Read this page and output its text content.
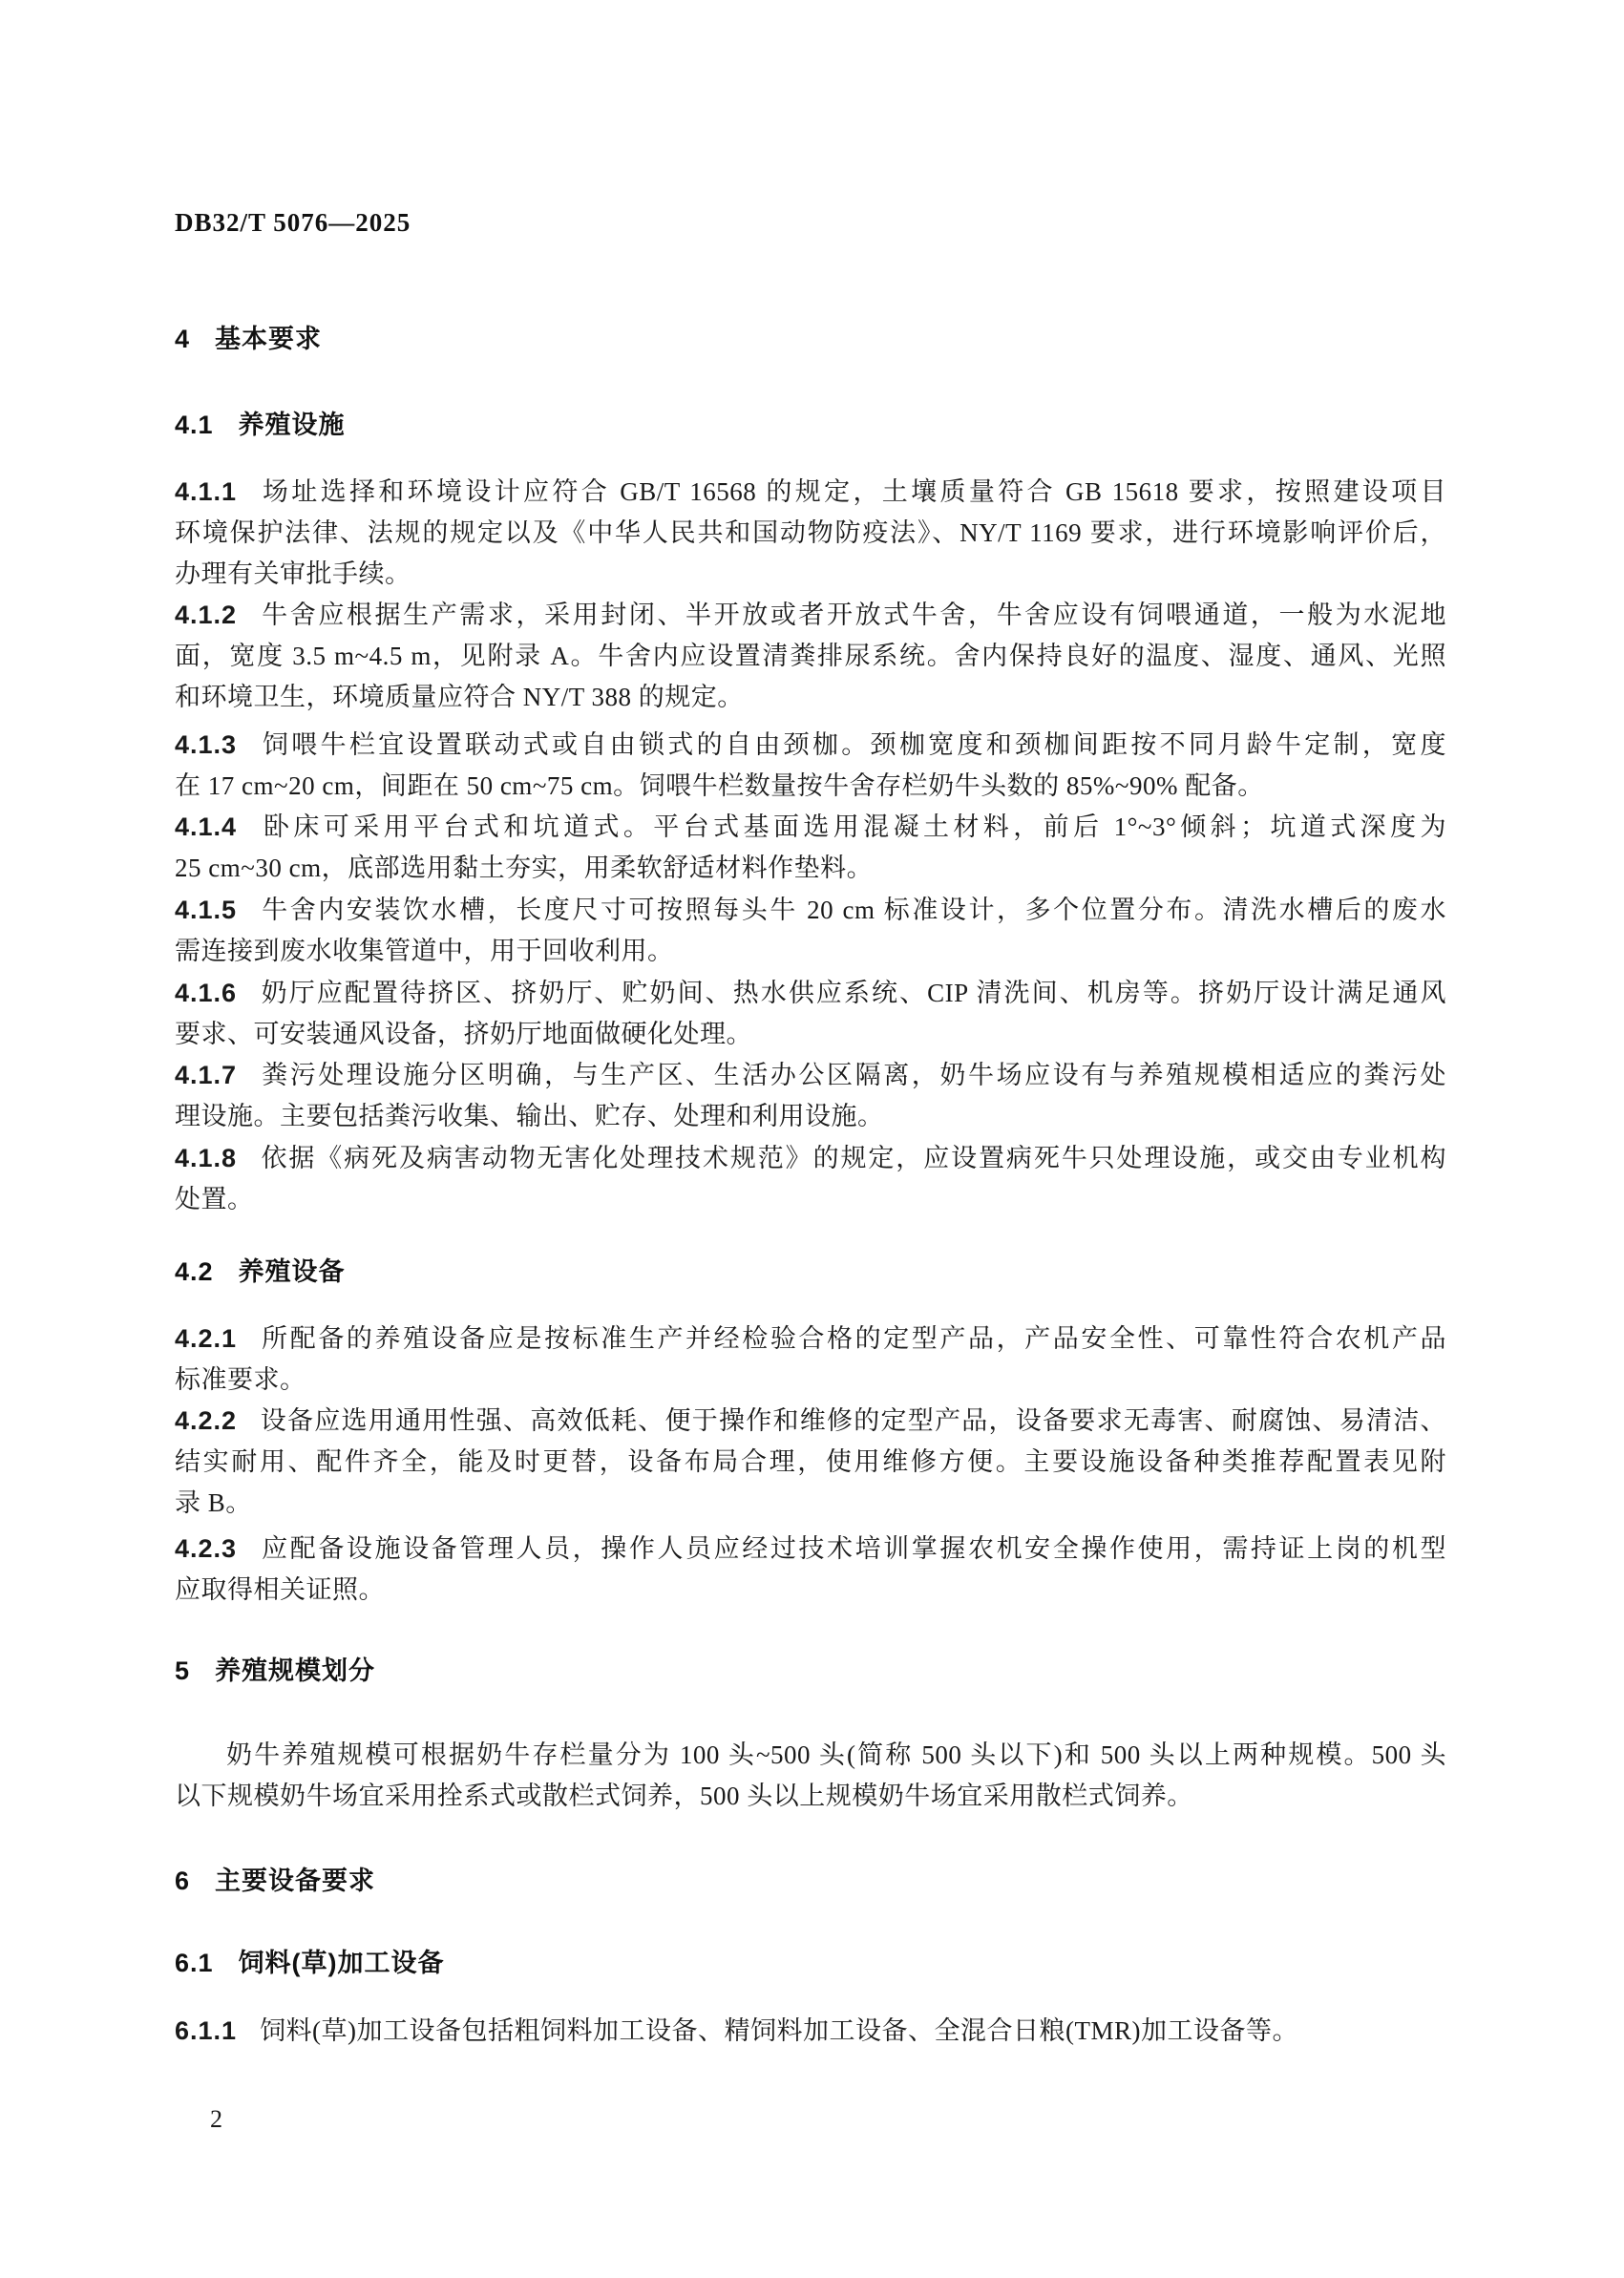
DB32/T 5076—2025
4 基本要求
4.1 养殖设施
4.1.1 场址选择和环境设计应符合 GB/T 16568 的规定，土壤质量符合 GB 15618 要求，按照建设项目
环境保护法律、法规的规定以及《中华人民共和国动物防疫法》、NY/T 1169 要求，进行环境影响评价后，
办理有关审批手续。
4.1.2 牛舍应根据生产需求，采用封闭、半开放或者开放式牛舍，牛舍应设有饲喂通道，一般为水泥地
面，宽度 3.5 m~4.5 m，见附录 A。牛舍内应设置清粪排尿系统。舍内保持良好的温度、湿度、通风、光照
和环境卫生，环境质量应符合 NY/T 388 的规定。
4.1.3 饲喂牛栏宜设置联动式或自由锁式的自由颈枷。颈枷宽度和颈枷间距按不同月龄牛定制，宽度
在 17 cm~20 cm，间距在 50 cm~75 cm。饲喂牛栏数量按牛舍存栏奶牛头数的 85%~90% 配备。
4.1.4 卧床可采用平台式和坑道式。平台式基面选用混凝土材料，前后 1°~3°倾斜；坑道式深度为
25 cm~30 cm，底部选用黏土夯实，用柔软舒适材料作垫料。
4.1.5 牛舍内安装饮水槽，长度尺寸可按照每头牛 20 cm 标准设计，多个位置分布。清洗水槽后的废水
需连接到废水收集管道中，用于回收利用。
4.1.6 奶厅应配置待挤区、挤奶厅、贮奶间、热水供应系统、CIP 清洗间、机房等。挤奶厅设计满足通风
要求、可安装通风设备，挤奶厅地面做硬化处理。
4.1.7 粪污处理设施分区明确，与生产区、生活办公区隔离，奶牛场应设有与养殖规模相适应的粪污处
理设施。主要包括粪污收集、输出、贮存、处理和利用设施。
4.1.8 依据《病死及病害动物无害化处理技术规范》的规定，应设置病死牛只处理设施，或交由专业机构
处置。
4.2 养殖设备
4.2.1 所配备的养殖设备应是按标准生产并经检验合格的定型产品，产品安全性、可靠性符合农机产品
标准要求。
4.2.2 设备应选用通用性强、高效低耗、便于操作和维修的定型产品，设备要求无毒害、耐腐蚀、易清洁、
结实耐用、配件齐全，能及时更替，设备布局合理，使用维修方便。主要设施设备种类推荐配置表见附
录 B。
4.2.3 应配备设施设备管理人员，操作人员应经过技术培训掌握农机安全操作使用，需持证上岗的机型
应取得相关证照。
5 养殖规模划分
奶牛养殖规模可根据奶牛存栏量分为 100 头~500 头(简称 500 头以下)和 500 头以上两种规模。500 头
以下规模奶牛场宜采用拴系式或散栏式饲养，500 头以上规模奶牛场宜采用散栏式饲养。
6 主要设备要求
6.1 饲料(草)加工设备
6.1.1 饲料(草)加工设备包括粗饲料加工设备、精饲料加工设备、全混合日粮(TMR)加工设备等。
2
